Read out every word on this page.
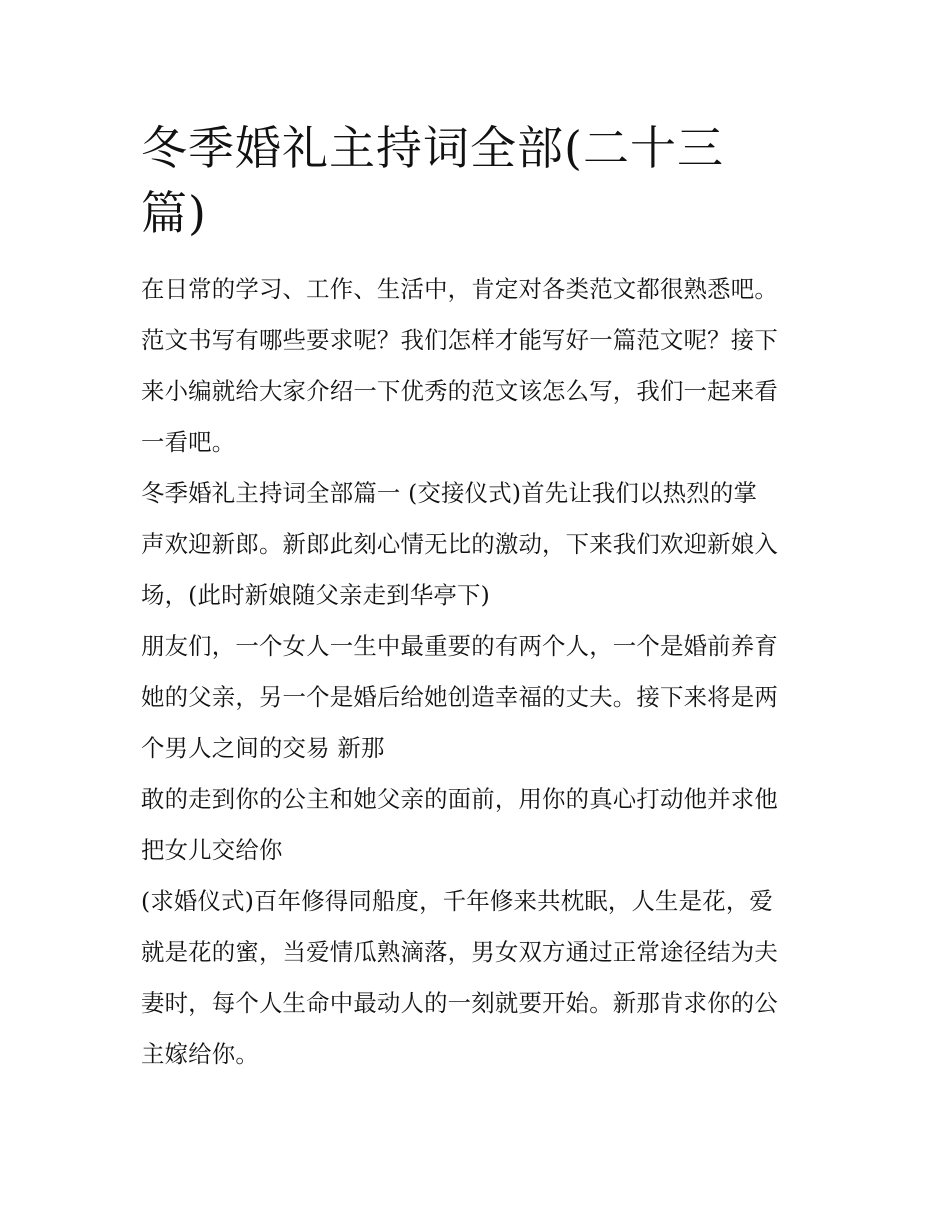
冬季婚礼主持词全部(二十三
篇)

在日常的学习、工作、生活中，肯定对各类范文都很熟悉吧。
范文书写有哪些要求呢？我们怎样才能写好一篇范文呢？接下
来小编就给大家介绍一下优秀的范文该怎么写，我们一起来看
一看吧。

冬季婚礼主持词全部篇一 (交接仪式)首先让我们以热烈的掌
声欢迎新郎。新郎此刻心情无比的激动，下来我们欢迎新娘入
场，(此时新娘随父亲走到华亭下)

朋友们，一个女人一生中最重要的有两个人，一个是婚前养育
她的父亲，另一个是婚后给她创造幸福的丈夫。接下来将是两
个男人之间的交易 新那

敢的走到你的公主和她父亲的面前，用你的真心打动他并求他
把女儿交给你

(求婚仪式)百年修得同船度，千年修来共枕眠，人生是花，爱
就是花的蜜，当爱情瓜熟滴落，男女双方通过正常途径结为夫
妻时，每个人生命中最动人的一刻就要开始。新那肯求你的公
主嫁给你。
